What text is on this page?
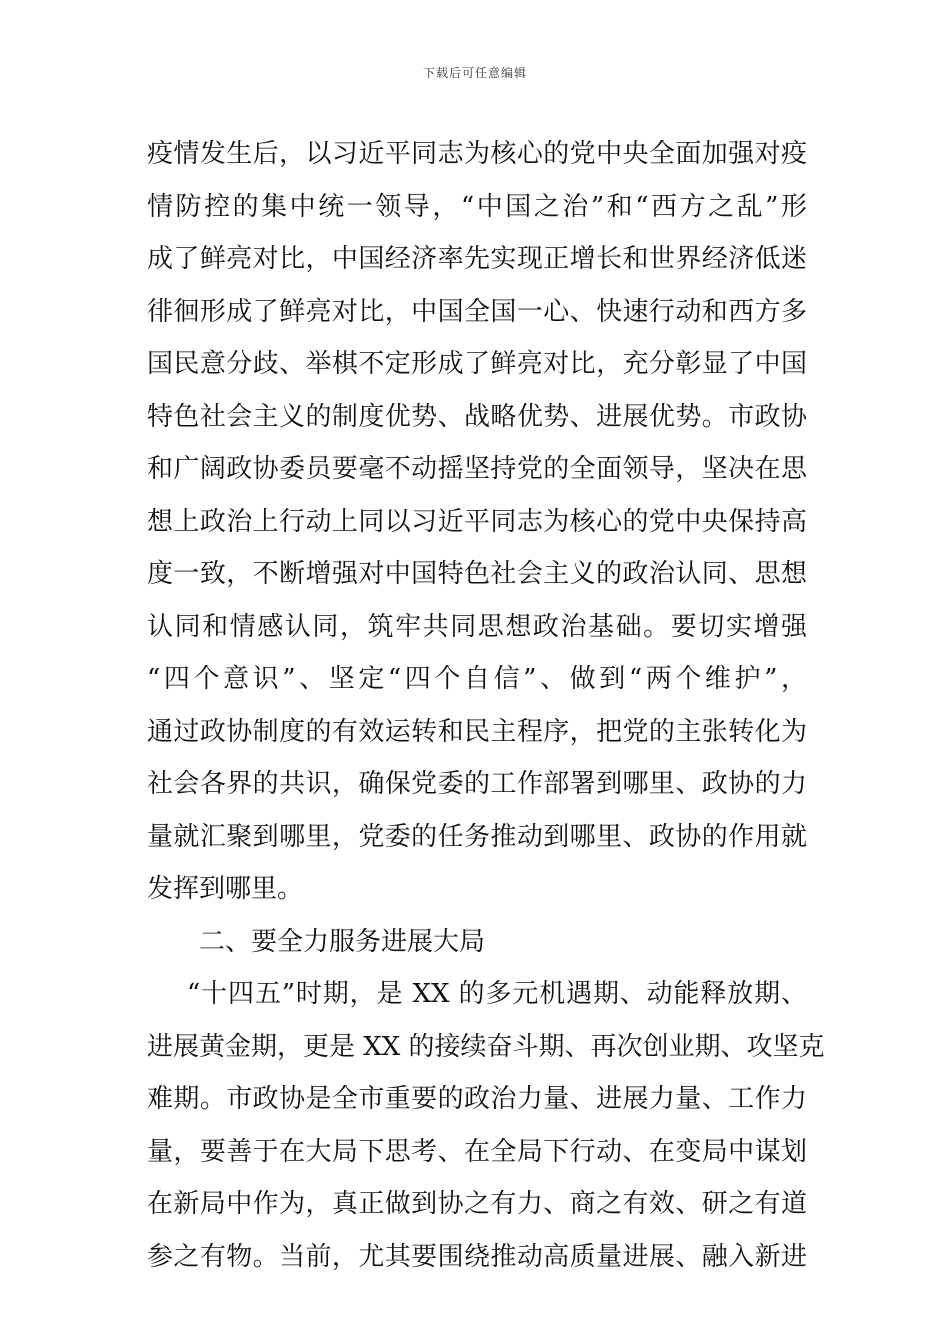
下载后可任意编辑
疫情发生后，以习近平同志为核心的党中央全面加强对疫
情防控的集中统一领导，“中国之治”和“西方之乱”形
成了鲜亮对比，中国经济率先实现正增长和世界经济低迷
徘徊形成了鲜亮对比，中国全国一心、快速行动和西方多
国民意分歧、举棋不定形成了鲜亮对比，充分彰显了中国
特色社会主义的制度优势、战略优势、进展优势。市政协
和广阔政协委员要毫不动摇坚持党的全面领导，坚决在思
想上政治上行动上同以习近平同志为核心的党中央保持高
度一致，不断增强对中国特色社会主义的政治认同、思想
认同和情感认同，筑牢共同思想政治基础。要切实增强
“四个意识”、坚定“四个自信”、做到“两个维护”，
通过政协制度的有效运转和民主程序，把党的主张转化为
社会各界的共识，确保党委的工作部署到哪里、政协的力
量就汇聚到哪里，党委的任务推动到哪里、政协的作用就
发挥到哪里。
二、要全力服务进展大局
“十四五”时期，是 XX 的多元机遇期、动能释放期、
进展黄金期，更是 XX 的接续奋斗期、再次创业期、攻坚克
难期。市政协是全市重要的政治力量、进展力量、工作力
量，要善于在大局下思考、在全局下行动、在变局中谋划
在新局中作为，真正做到协之有力、商之有效、研之有道
参之有物。当前，尤其要围绕推动高质量进展、融入新进
